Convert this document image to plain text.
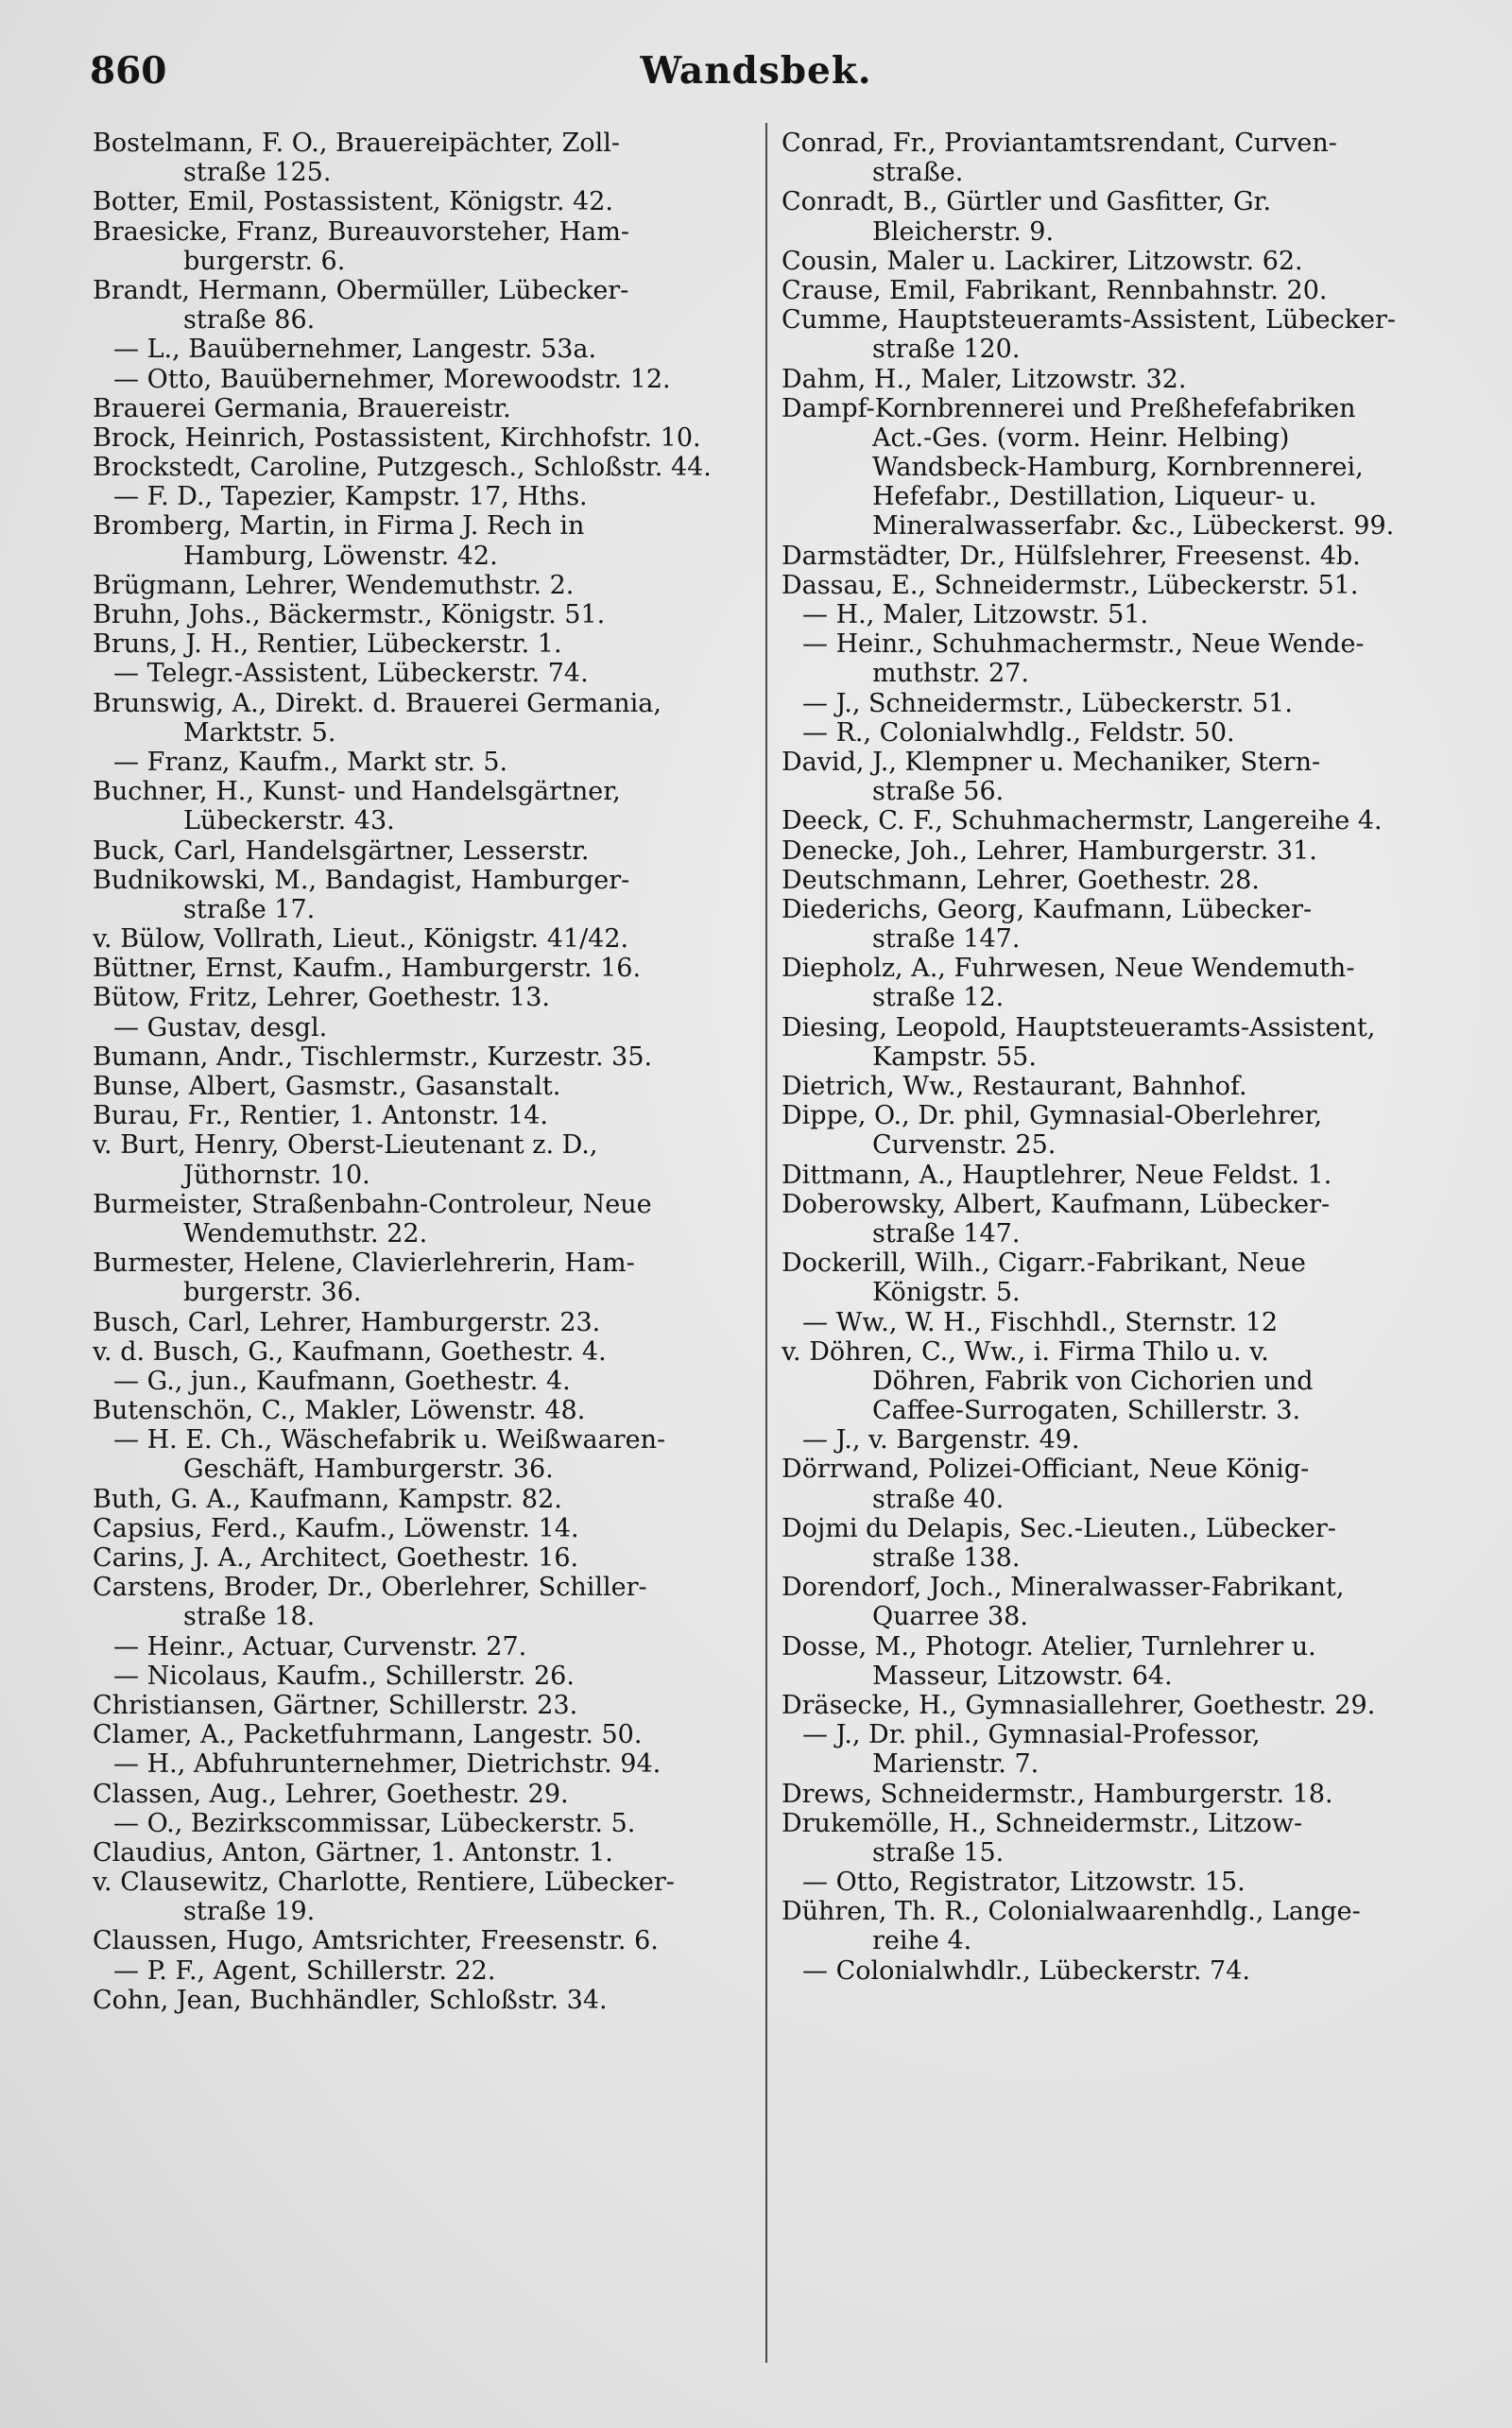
860	Wandsbek.
Bostelmann, F. O., Brauereipächter, Zoll-
straße 125.
Botter, Emil, Postassistent, Königstr. 42.
Braesicke, Franz, Bureauvorsteher, Ham-
burgerstr. 6.
Brandt, Hermann, Obermüller, Lübecker-
straße 86.
— L., Bauübernehmer, Langestr. 53a.
— Otto, Bauübernehmer, Morewoodstr. 12.
Brauerei Germania, Brauereistr.
Brock, Heinrich, Postassistent, Kirchhofstr. 10.
Brockstedt, Caroline, Putzgesch., Schloßstr. 44.
— F. D., Tapezier, Kampstr. 17, Hths.
Bromberg, Martin, in Firma J. Rech in
Hamburg, Löwenstr. 42.
Brügmann, Lehrer, Wendemuthstr. 2.
Bruhn, Johs., Bäckermstr., Königstr. 51.
Bruns, J. H., Rentier, Lübeckerstr. 1.
— Telegr.-Assistent, Lübeckerstr. 74.
Brunswig, A., Direkt. d. Brauerei Germania,
Marktstr. 5.
— Franz, Kaufm., Markt str. 5.
Buchner, H., Kunst- und Handelsgärtner,
Lübeckerstr. 43.
Buck, Carl, Handelsgärtner, Lesserstr.
Budnikowski, M., Bandagist, Hamburger-
straße 17.
v. Bülow, Vollrath, Lieut., Königstr. 41/42.
Büttner, Ernst, Kaufm., Hamburgerstr. 16.
Bütow, Fritz, Lehrer, Goethestr. 13.
— Gustav, desgl.
Bumann, Andr., Tischlermstr., Kurzestr. 35.
Bunse, Albert, Gasmstr., Gasanstalt.
Burau, Fr., Rentier, 1. Antonstr. 14.
v. Burt, Henry, Oberst-Lieutenant z. D.,
Jüthornstr. 10.
Burmeister, Straßenbahn-Controleur, Neue
Wendemuthstr. 22.
Burmester, Helene, Clavierlehrerin, Ham-
burgerstr. 36.
Busch, Carl, Lehrer, Hamburgerstr. 23.
v. d. Busch, G., Kaufmann, Goethestr. 4.
— G., jun., Kaufmann, Goethestr. 4.
Butenschön, C., Makler, Löwenstr. 48.
— H. E. Ch., Wäschefabrik u. Weißwaaren-
Geschäft, Hamburgerstr. 36.
Buth, G. A., Kaufmann, Kampstr. 82.
Capsius, Ferd., Kaufm., Löwenstr. 14.
Carins, J. A., Architect, Goethestr. 16.
Carstens, Broder, Dr., Oberlehrer, Schiller-
straße 18.
— Heinr., Actuar, Curvenstr. 27.
— Nicolaus, Kaufm., Schillerstr. 26.
Christiansen, Gärtner, Schillerstr. 23.
Clamer, A., Packetfuhrmann, Langestr. 50.
— H., Abfuhrunternehmer, Dietrichstr. 94.
Classen, Aug., Lehrer, Goethestr. 29.
— O., Bezirkscommissar, Lübeckerstr. 5.
Claudius, Anton, Gärtner, 1. Antonstr. 1.
v. Clausewitz, Charlotte, Rentiere, Lübecker-
straße 19.
Claussen, Hugo, Amtsrichter, Freesenstr. 6.
— P. F., Agent, Schillerstr. 22.
Cohn, Jean, Buchhändler, Schloßstr. 34.
Conrad, Fr., Proviantamtsrendant, Curven-
straße.
Conradt, B., Gürtler und Gasfitter, Gr.
Bleicherstr. 9.
Cousin, Maler u. Lackirer, Litzowstr. 62.
Crause, Emil, Fabrikant, Rennbahnstr. 20.
Cumme, Hauptsteueramts-Assistent, Lübecker-
straße 120.
Dahm, H., Maler, Litzowstr. 32.
Dampf-Kornbrennerei und Preßhefefabriken
Act.-Ges. (vorm. Heinr. Helbing)
Wandsbeck-Hamburg, Kornbrennerei,
Hefefabr., Destillation, Liqueur- u.
Mineralwasserfabr. &c., Lübeckerst. 99.
Darmstädter, Dr., Hülfslehrer, Freesenst. 4b.
Dassau, E., Schneidermstr., Lübeckerstr. 51.
— H., Maler, Litzowstr. 51.
— Heinr., Schuhmachermstr., Neue Wende-
muthstr. 27.
— J., Schneidermstr., Lübeckerstr. 51.
— R., Colonialwhdlg., Feldstr. 50.
David, J., Klempner u. Mechaniker, Stern-
straße 56.
Deeck, C. F., Schuhmachermstr, Langereihe 4.
Denecke, Joh., Lehrer, Hamburgerstr. 31.
Deutschmann, Lehrer, Goethestr. 28.
Diederichs, Georg, Kaufmann, Lübecker-
straße 147.
Diepholz, A., Fuhrwesen, Neue Wendemuth-
straße 12.
Diesing, Leopold, Hauptsteueramts-Assistent,
Kampstr. 55.
Dietrich, Ww., Restaurant, Bahnhof.
Dippe, O., Dr. phil, Gymnasial-Oberlehrer,
Curvenstr. 25.
Dittmann, A., Hauptlehrer, Neue Feldst. 1.
Doberowsky, Albert, Kaufmann, Lübecker-
straße 147.
Dockerill, Wilh., Cigarr.-Fabrikant, Neue
Königstr. 5.
— Ww., W. H., Fischhdl., Sternstr. 12
v. Döhren, C., Ww., i. Firma Thilo u. v.
Döhren, Fabrik von Cichorien und
Caffee-Surrogaten, Schillerstr. 3.
— J., v. Bargenstr. 49.
Dörrwand, Polizei-Officiant, Neue König-
straße 40.
Dojmi du Delapis, Sec.-Lieuten., Lübecker-
straße 138.
Dorendorf, Joch., Mineralwasser-Fabrikant,
Quarree 38.
Dosse, M., Photogr. Atelier, Turnlehrer u.
Masseur, Litzowstr. 64.
Dräsecke, H., Gymnasiallehrer, Goethestr. 29.
— J., Dr. phil., Gymnasial-Professor,
Marienstr. 7.
Drews, Schneidermstr., Hamburgerstr. 18.
Drukemölle, H., Schneidermstr., Litzow-
straße 15.
— Otto, Registrator, Litzowstr. 15.
Dühren, Th. R., Colonialwaarenhdlg., Lange-
reihe 4.
— Colonialwhdlr., Lübeckerstr. 74.
